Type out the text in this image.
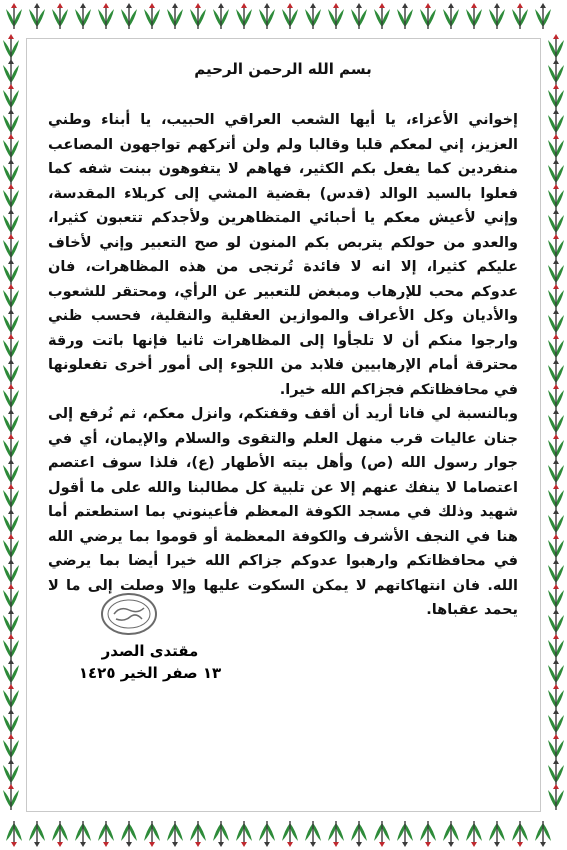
بسم الله الرحمن الرحيم

إخواني الأعزاء، يا أيها الشعب العراقي الحبيب، يا أبناء وطني العزيز، إني لمعكم قلبا وقالبا ولم ولن أتركهم تواجهون المصاعب منفردين كما يفعل بكم الكثير، فهاهم لا يتفوهون ببنت شفه كما فعلوا بالسيد الوالد (قدس) بقضية المشي إلى كربلاء المقدسة، وإني لأعيش معكم يا أحبائي المتظاهرين ولأجدكم تتعبون كثيرا، والعدو من حولكم يتربص بكم المنون لو صح التعبير وإني لأخاف عليكم كثيرا، إلا انه لا فائدة تُرتجى من هذه المظاهرات، فان عدوكم محب للإرهاب ومبغض للتعبير عن الرأي، ومحتقر للشعوب والأديان وكل الأعراف والموازين العقلية والنقلية، فحسب ظني وارجوا منكم أن لا تلجأوا إلى المظاهرات ثانيا فإنها باتت ورقة محترقة أمام الإرهابيين فلابد من اللجوء إلى أمور أخرى تفعلونها في محافظاتكم فجزاكم الله خيرا.

وبالنسبة لي فانا أريد أن أقف وقفتكم، وانزل معكم، ثم نُرفع إلى جنان عاليات قرب منهل العلم والتقوى والسلام والإيمان، أي في جوار رسول الله (ص) وأهل بيته الأطهار (ع)، فلذا سوف اعتصم اعتصاما لا ينفك عنهم إلا عن تلبية كل مطالبنا والله على ما أقول شهيد وذلك في مسجد الكوفة المعظم فأعينوني بما استطعتم أما هنا في النجف الأشرف والكوفة المعظمة أو قوموا بما يرضي الله في محافظاتكم وارهبوا عدوكم جزاكم الله خيرا أيضا بما يرضي الله. فان انتهاكاتهم لا يمكن السكوت عليها وإلا وصلت إلى ما لا يحمد عقباها.

مقتدى الصدر
١٣ صفر الخير ١٤٢٥
